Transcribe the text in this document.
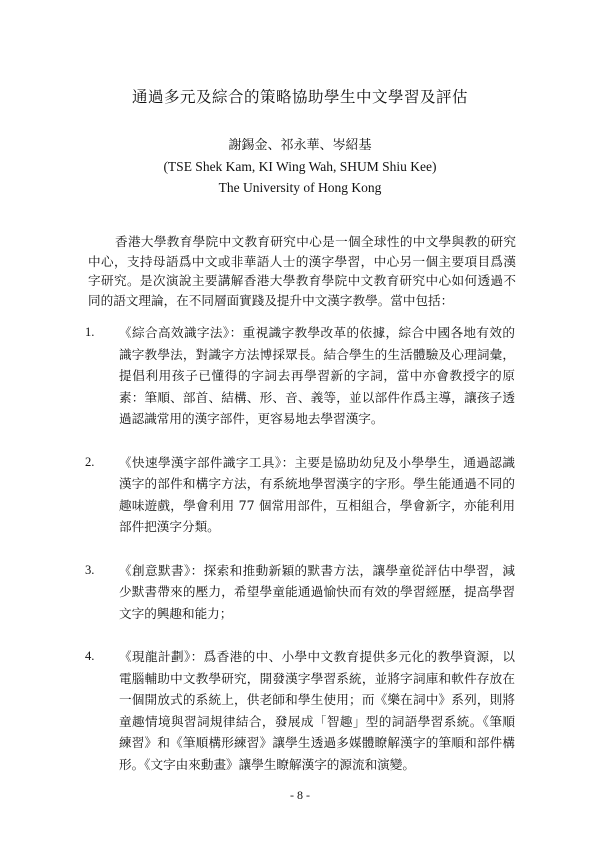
通過多元及綜合的策略協助學生中文學習及評估
謝錫金、祁永華、岑紹基
(TSE Shek Kam, KI Wing Wah, SHUM Shiu Kee)
The University of Hong Kong

香港大學教育學院中文教育研究中心是一個全球性的中文學與教的研究中心，支持母語爲中文或非華語人士的漢字學習，中心另一個主要項目爲漢字研究。是次演說主要講解香港大學教育學院中文教育研究中心如何透過不同的語文理論，在不同層面實踐及提升中文漢字教學。當中包括：

1.	《綜合高效識字法》：重視識字教學改革的依據，綜合中國各地有效的識字教學法，對識字方法博採眾長。結合學生的生活體驗及心理詞彙，提倡利用孩子已懂得的字詞去再學習新的字詞，當中亦會教授字的原素：筆順、部首、結構、形、音、義等，並以部件作爲主導，讓孩子透過認識常用的漢字部件，更容易地去學習漢字。
2.	《快速學漢字部件識字工具》：主要是協助幼兒及小學學生，通過認識漢字的部件和構字方法，有系統地學習漢字的字形。學生能通過不同的趣味遊戲，學會利用 77 個常用部件，互相組合，學會新字，亦能利用部件把漢字分類。
3.	《創意默書》：探索和推動新穎的默書方法，讓學童從評估中學習，減少默書帶來的壓力，希望學童能通過愉快而有效的學習經歷，提高學習文字的興趣和能力；
4.	《現龍計劃》：爲香港的中、小學中文教育提供多元化的教學資源，以電腦輔助中文教學研究，開發漢字學習系統，並將字詞庫和軟件存放在一個開放式的系統上，供老師和學生使用；而《樂在詞中》系列，則將童趣情境與習詞規律結合，發展成「智趣」型的詞語學習系統。《筆順練習》和《筆順構形練習》讓學生透過多媒體瞭解漢字的筆順和部件構形。《文字由來動畫》讓學生瞭解漢字的源流和演變。
- 8 -
